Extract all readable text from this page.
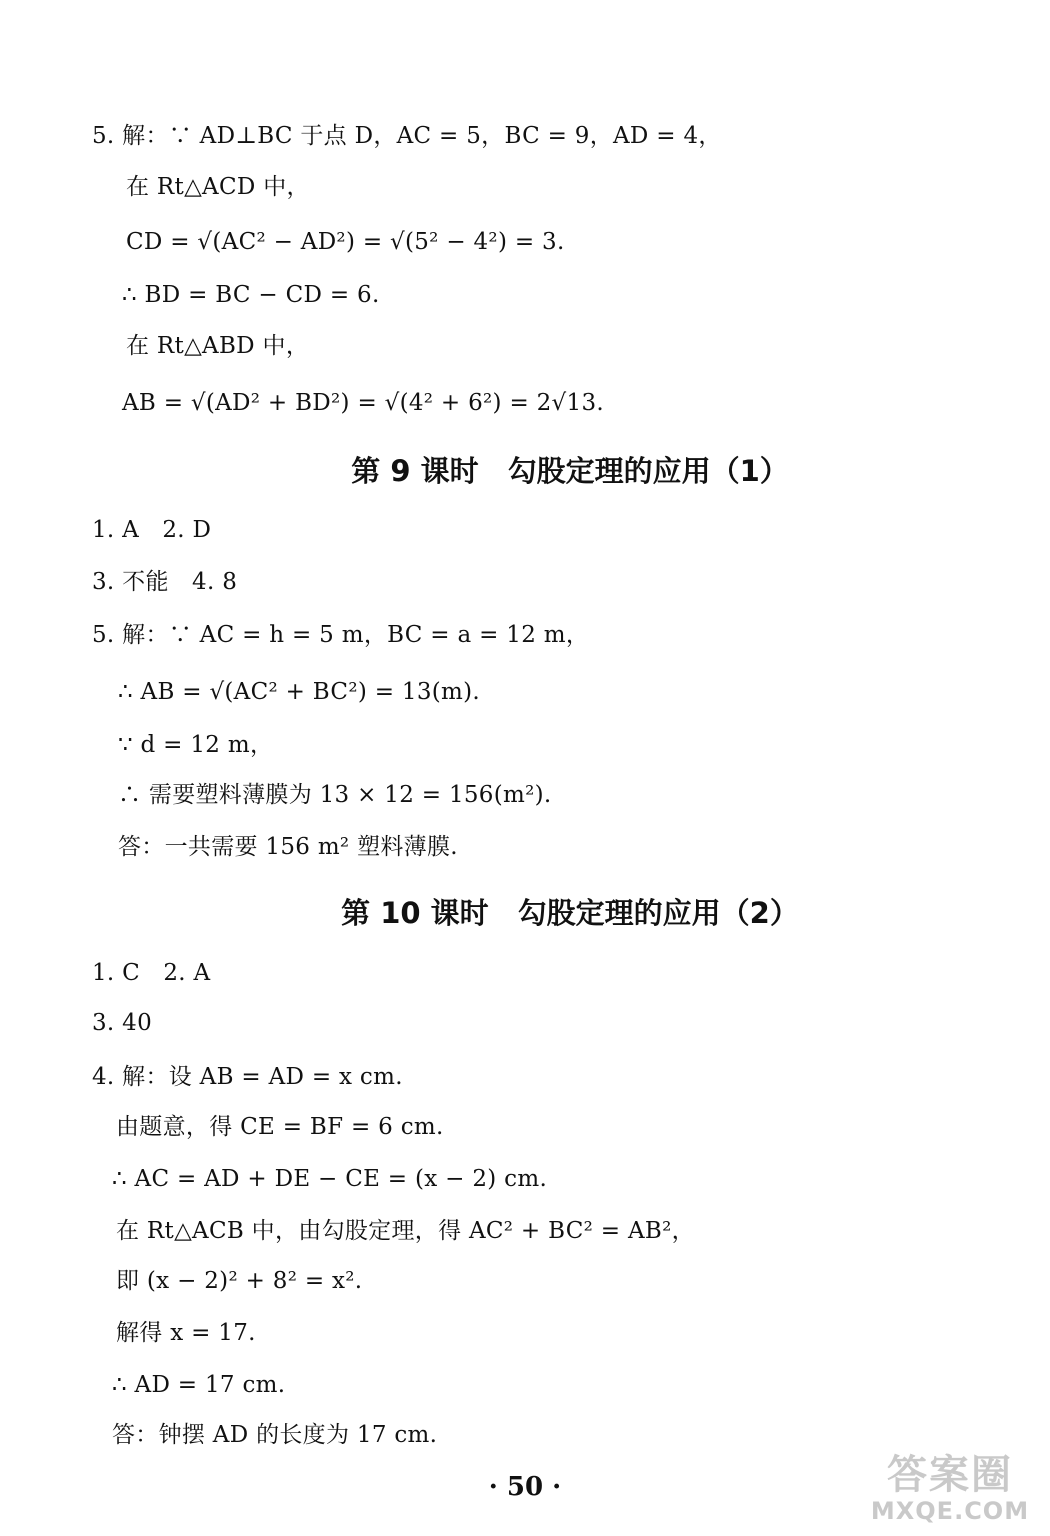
5. 解：∵ AD⊥BC 于点 D，AC = 5，BC = 9，AD = 4，
在 Rt△ACD 中，
CD = √(AC² − AD²) = √(5² − 4²) = 3.
∴ BD = BC − CD = 6.
在 Rt△ABD 中，
AB = √(AD² + BD²) = √(4² + 6²) = 2√13.
第 9 课时　勾股定理的应用（1）
1. A　2. D
3. 不能　4. 8
5. 解：∵ AC = h = 5 m，BC = a = 12 m，
∴ AB = √(AC² + BC²) = 13(m).
∵ d = 12 m，
∴ 需要塑料薄膜为 13 × 12 = 156(m²).
答：一共需要 156 m² 塑料薄膜.
第 10 课时　勾股定理的应用（2）
1. C　2. A
3. 40
4. 解：设 AB = AD = x cm.
由题意，得 CE = BF = 6 cm.
∴ AC = AD + DE − CE = (x − 2) cm.
在 Rt△ACB 中，由勾股定理，得 AC² + BC² = AB²，
即 (x − 2)² + 8² = x².
解得 x = 17.
∴ AD = 17 cm.
答：钟摆 AD 的长度为 17 cm.
· 50 ·	答案圈
MXQE.COM
